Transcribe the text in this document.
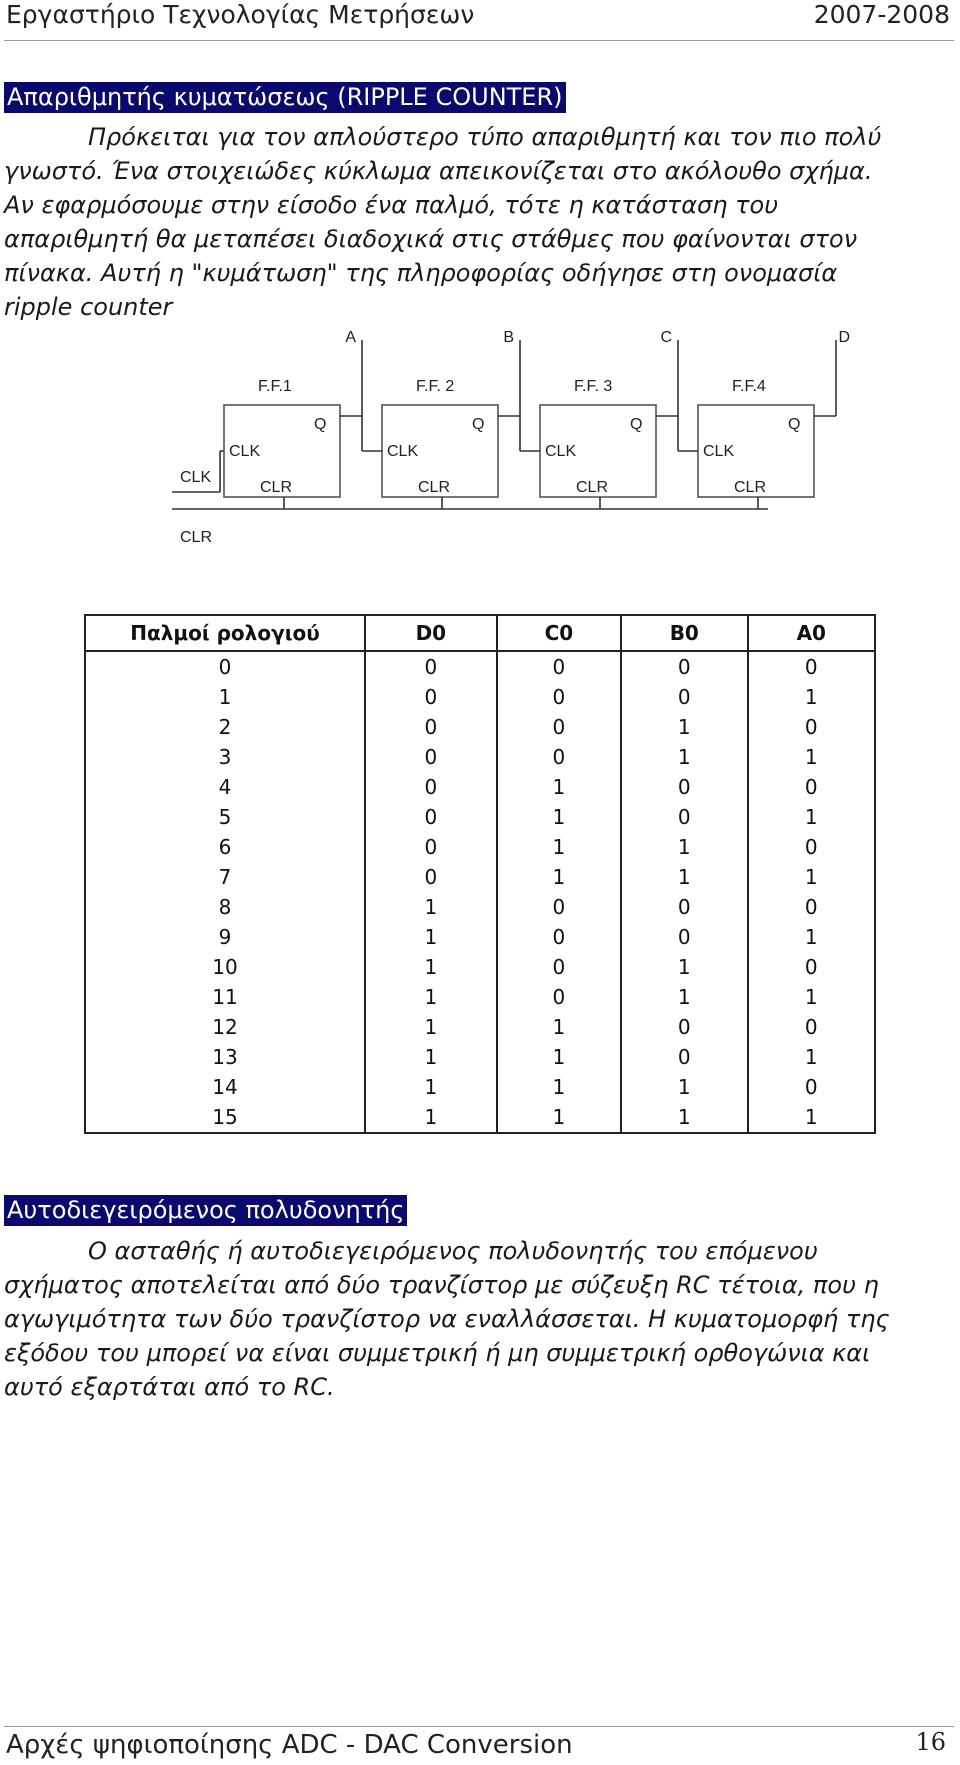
Εργαστήριο Τεχνολογίας Μετρήσεων	2007-2008
Απαριθμητής κυματώσεως (RIPPLE COUNTER)
Πρόκειται για τον απλούστερο τύπο απαριθμητή και τον πιο πολύ
γνωστό. Ένα στοιχειώδες κύκλωμα απεικονίζεται στο ακόλουθο σχήμα.
Αν εφαρμόσουμε στην είσοδο ένα παλμό, τότε η κατάσταση του
απαριθμητή θα μεταπέσει διαδοχικά στις στάθμες που φαίνονται στον
πίνακα. Αυτή η "κυμάτωση" της πληροφορίας οδήγησε στη ονομασία
ripple counter
A	B	C	D
F.F.1	F.F. 2	F.F. 3	F.F.4
Q	Q	Q	Q
CLK	CLK	CLK	CLK
CLR	CLR	CLR	CLR
CLK
CLR
Παλμοί ρολογιού	D0	C0	B0	A0
0	0	0	0	0
1	0	0	0	1
2	0	0	1	0
3	0	0	1	1
4	0	1	0	0
5	0	1	0	1
6	0	1	1	0
7	0	1	1	1
8	1	0	0	0
9	1	0	0	1
10	1	0	1	0
11	1	0	1	1
12	1	1	0	0
13	1	1	0	1
14	1	1	1	0
15	1	1	1	1
Αυτοδιεγειρόμενος πολυδονητής
Ο ασταθής ή αυτοδιεγειρόμενος πολυδονητής του επόμενου
σχήματος αποτελείται από δύο τρανζίστορ με σύζευξη RC τέτοια, που η
αγωγιμότητα των δύο τρανζίστορ να εναλλάσσεται. Η κυματομορφή της
εξόδου του μπορεί να είναι συμμετρική ή μη συμμετρική ορθογώνια και
αυτό εξαρτάται από το RC.
Αρχές ψηφιοποίησης ADC - DAC Conversion	16
